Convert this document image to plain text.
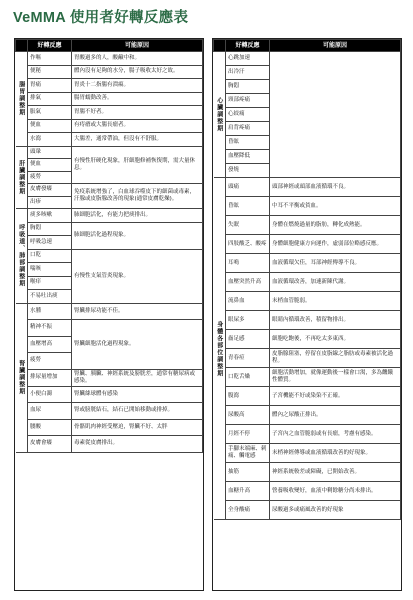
VeMMA 使用者好轉反應表
	好轉反應	可能原因
腸胃調整期	作嘔	胃酸過多的人，酸鹼中和。
	便秘	體內沒有足夠的水分，腸子吸收太好之故。
	胃痛	胃炎十二指腸有潰瘍。
	排氣	腸胃蠕動改善。
	脹氣	胃腸不好者。
	便血	有痔瘡或大腸長瘤者。
	水瀉	大腸差，通常帶油，但沒有不舒服。
肝臟調整期	頭暈	有慢性肝硬化現象，肝細胞修補恢復期，需大量休息。
	便血	
	疲勞	
	皮膚發癢	免疫系統增強了，白血球吞噬皮下的細菌或毒素，汗腺或皮脂腺改善的現象(通常皮膚乾燥)。
	出疹	
呼吸道、肺部調整期	痰多咳嗽	肺細胞活化，有能力把痰排出。
	胸悶	肺細胞活化過程現象。
	呼吸急速	
	口乾	有慢性支氣管炎現象。
	喘咳	
	喉痒	
	不易吐出痰	
腎臟調整期	水腫	腎臟排尿功能不佳。
	精神不振	腎臟細胞活化過程現象。
	血壓增高	
	疲勞	
	排尿量增加	腎臟、胰臟、神經系統及膀胱差，通常有糖尿病或感染。
	小便白濁	腎臟絲球體有感染
	血尿	腎或膀胱結石，結石已開始移動或排掉。
	腰酸	骨骼肌肉神經受壓迫，腎臟不好、太胖
	皮膚會癢	毒素從皮膚排出。
	好轉反應	可能原因
心臟調整期	心跳加速	
	出冷汗	
	胸悶	
	頸部疼痛	
	心絞痛	
	肩背疼痛	
	昏眩	
	血壓降低	
	發燒	
身體各部位調整期	頭痛	頭部神經或頭部血液循環不良。
	昏眩	中耳不平衡或貧血。
	失眠	身體在燃燒過量的脂肪，轉化成熱能。
	四肢酸乏、酸疼	身體細胞健康方向運作，虛弱部位略感反應。
	耳鳴	血液循環欠佳，耳部神經傳導不良。
	血壓突然升高	血液循環改善，加速新陳代謝。
	流鼻血	末梢血管脆弱。
	眼屎多	眼睛內循環改善，積留物排出。
	齒足感	細胞吃飽後，不再吃太多東西。
	青春痘	皮脂腺阻塞，停留在皮脂線之脂肪或毒素被活化過程。
	口乾舌燥	細胞活動增加，就像運動後一樣會口渴，多為饑餓性體質。
	腹瀉	子宮機能不好或染染不正確。
	尿酸高	體內之尿酸正排出。
	月經不停	子宮內之血管脆弱或有長瘤，考慮有感染。
	手腳末端麻、刺痛、觸電感	末梢神經傳導或血液循環改善的好現象。
	抽筋	神經系統較差或障礙，已開始改善。
	血糖升高	營養吸收變好，血液中剩餘糖分尚未排出。
	全身酸痛	尿酸過多或痛風改善的好現象
